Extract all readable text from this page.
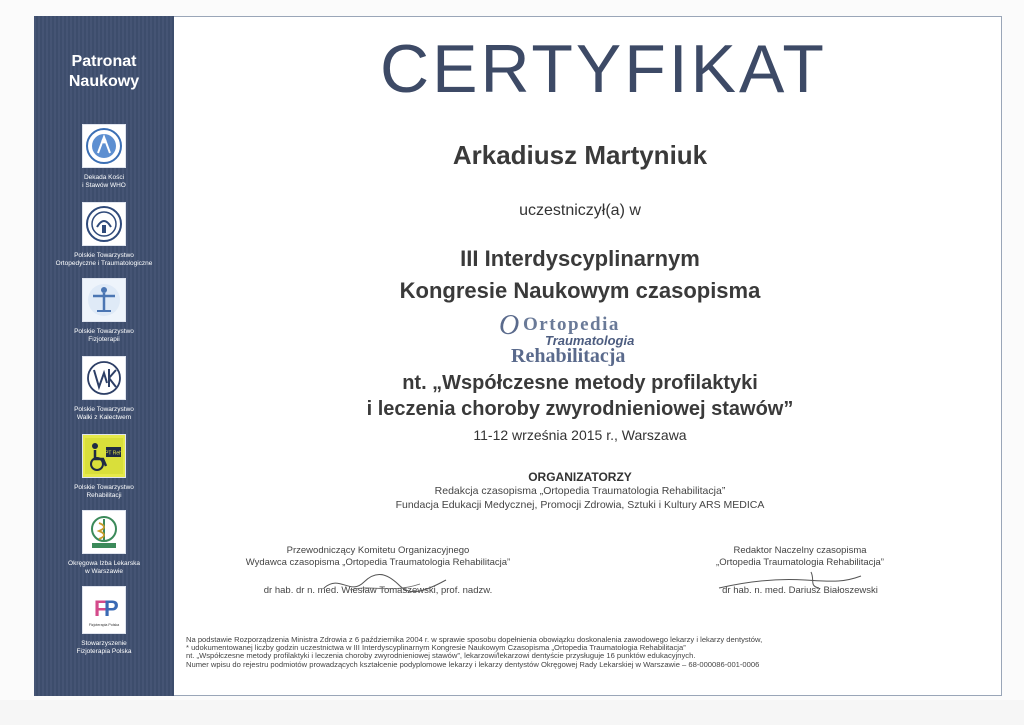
Patronat
Naukowy
Dekada Kości
i Stawów WHO
Polskie Towarzystwo
Ortopedyczne i Traumatologiczne
Polskie Towarzystwo
Fizjoterapii
Polskie Towarzystwo
Walki z Kalectwem
PT Reh
Polskie Towarzystwo
Rehabilitacji
Okręgowa Izba Lekarska
w Warszawie
F
P
Fizjoterapia Polska
Stowarzyszenie
Fizjoterapia Polska
CERTYFIKAT
Arkadiusz Martyniuk
uczestniczył(a) w
III Interdyscyplinarnym
Kongresie Naukowym czasopisma
O Ortopedia
Traumatologia
Rehabilitacja
nt. „Współczesne metody profilaktyki
i leczenia choroby zwyrodnieniowej stawów”
11-12 września 2015 r., Warszawa
ORGANIZATORZY
Redakcja czasopisma „Ortopedia Traumatologia Rehabilitacja”
Fundacja Edukacji Medycznej, Promocji Zdrowia, Sztuki i Kultury ARS MEDICA
Przewodniczący Komitetu Organizacyjnego
Wydawca czasopisma „Ortopedia Traumatologia Rehabilitacja”
dr hab. dr n. med. Wiesław Tomaszewski, prof. nadzw.
Redaktor Naczelny czasopisma
„Ortopedia Traumatologia Rehabilitacja”
dr hab. n. med. Dariusz Białoszewski
Na podstawie Rozporządzenia Ministra Zdrowia z 6 października 2004 r. w sprawie sposobu dopełnienia obowiązku doskonalenia zawodowego lekarzy i lekarzy dentystów,
* udokumentowanej liczby godzin uczestnictwa w III Interdyscyplinarnym Kongresie Naukowym Czasopisma „Ortopedia Traumatologia Rehabilitacja”
nt. „Współczesne metody profilaktyki i leczenia choroby zwyrodnieniowej stawów”, lekarzowi/lekarzowi dentyście przysługuje 16 punktów edukacyjnych.
Numer wpisu do rejestru podmiotów prowadzących kształcenie podyplomowe lekarzy i lekarzy dentystów Okręgowej Rady Lekarskiej w Warszawie – 68-000086-001-0006
